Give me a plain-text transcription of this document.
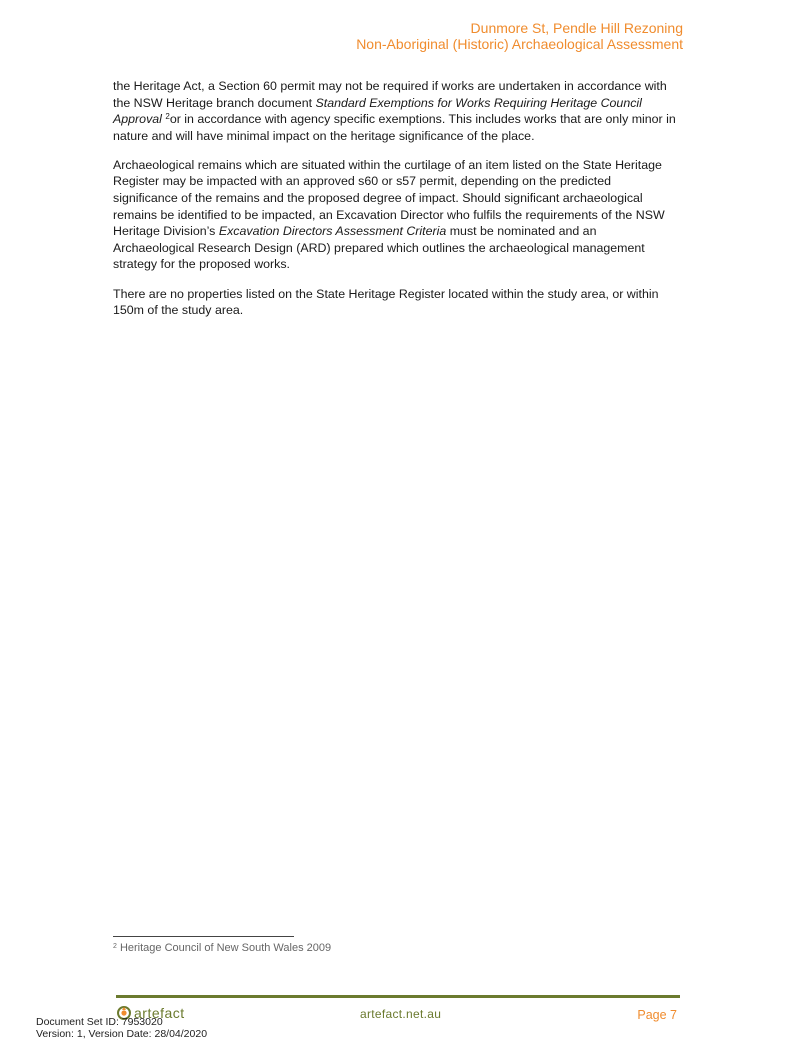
Dunmore St, Pendle Hill Rezoning
Non-Aboriginal (Historic) Archaeological Assessment

the Heritage Act, a Section 60 permit may not be required if works are undertaken in accordance with the NSW Heritage branch document Standard Exemptions for Works Requiring Heritage Council Approval $^2$or in accordance with agency specific exemptions. This includes works that are only minor in nature and will have minimal impact on the heritage significance of the place.

Archaeological remains which are situated within the curtilage of an item listed on the State Heritage Register may be impacted with an approved s60 or s57 permit, depending on the predicted significance of the remains and the proposed degree of impact. Should significant archaeological remains be identified to be impacted, an Excavation Director who fulfils the requirements of the NSW Heritage Division’s Excavation Directors Assessment Criteria must be nominated and an Archaeological Research Design (ARD) prepared which outlines the archaeological management strategy for the proposed works.

There are no properties listed on the State Heritage Register located within the study area, or within 150m of the study area.

$^2$ Heritage Council of New South Wales 2009
artefact	artefact.net.au	Page 7
Document Set ID: 7953020
Version: 1, Version Date: 28/04/2020
